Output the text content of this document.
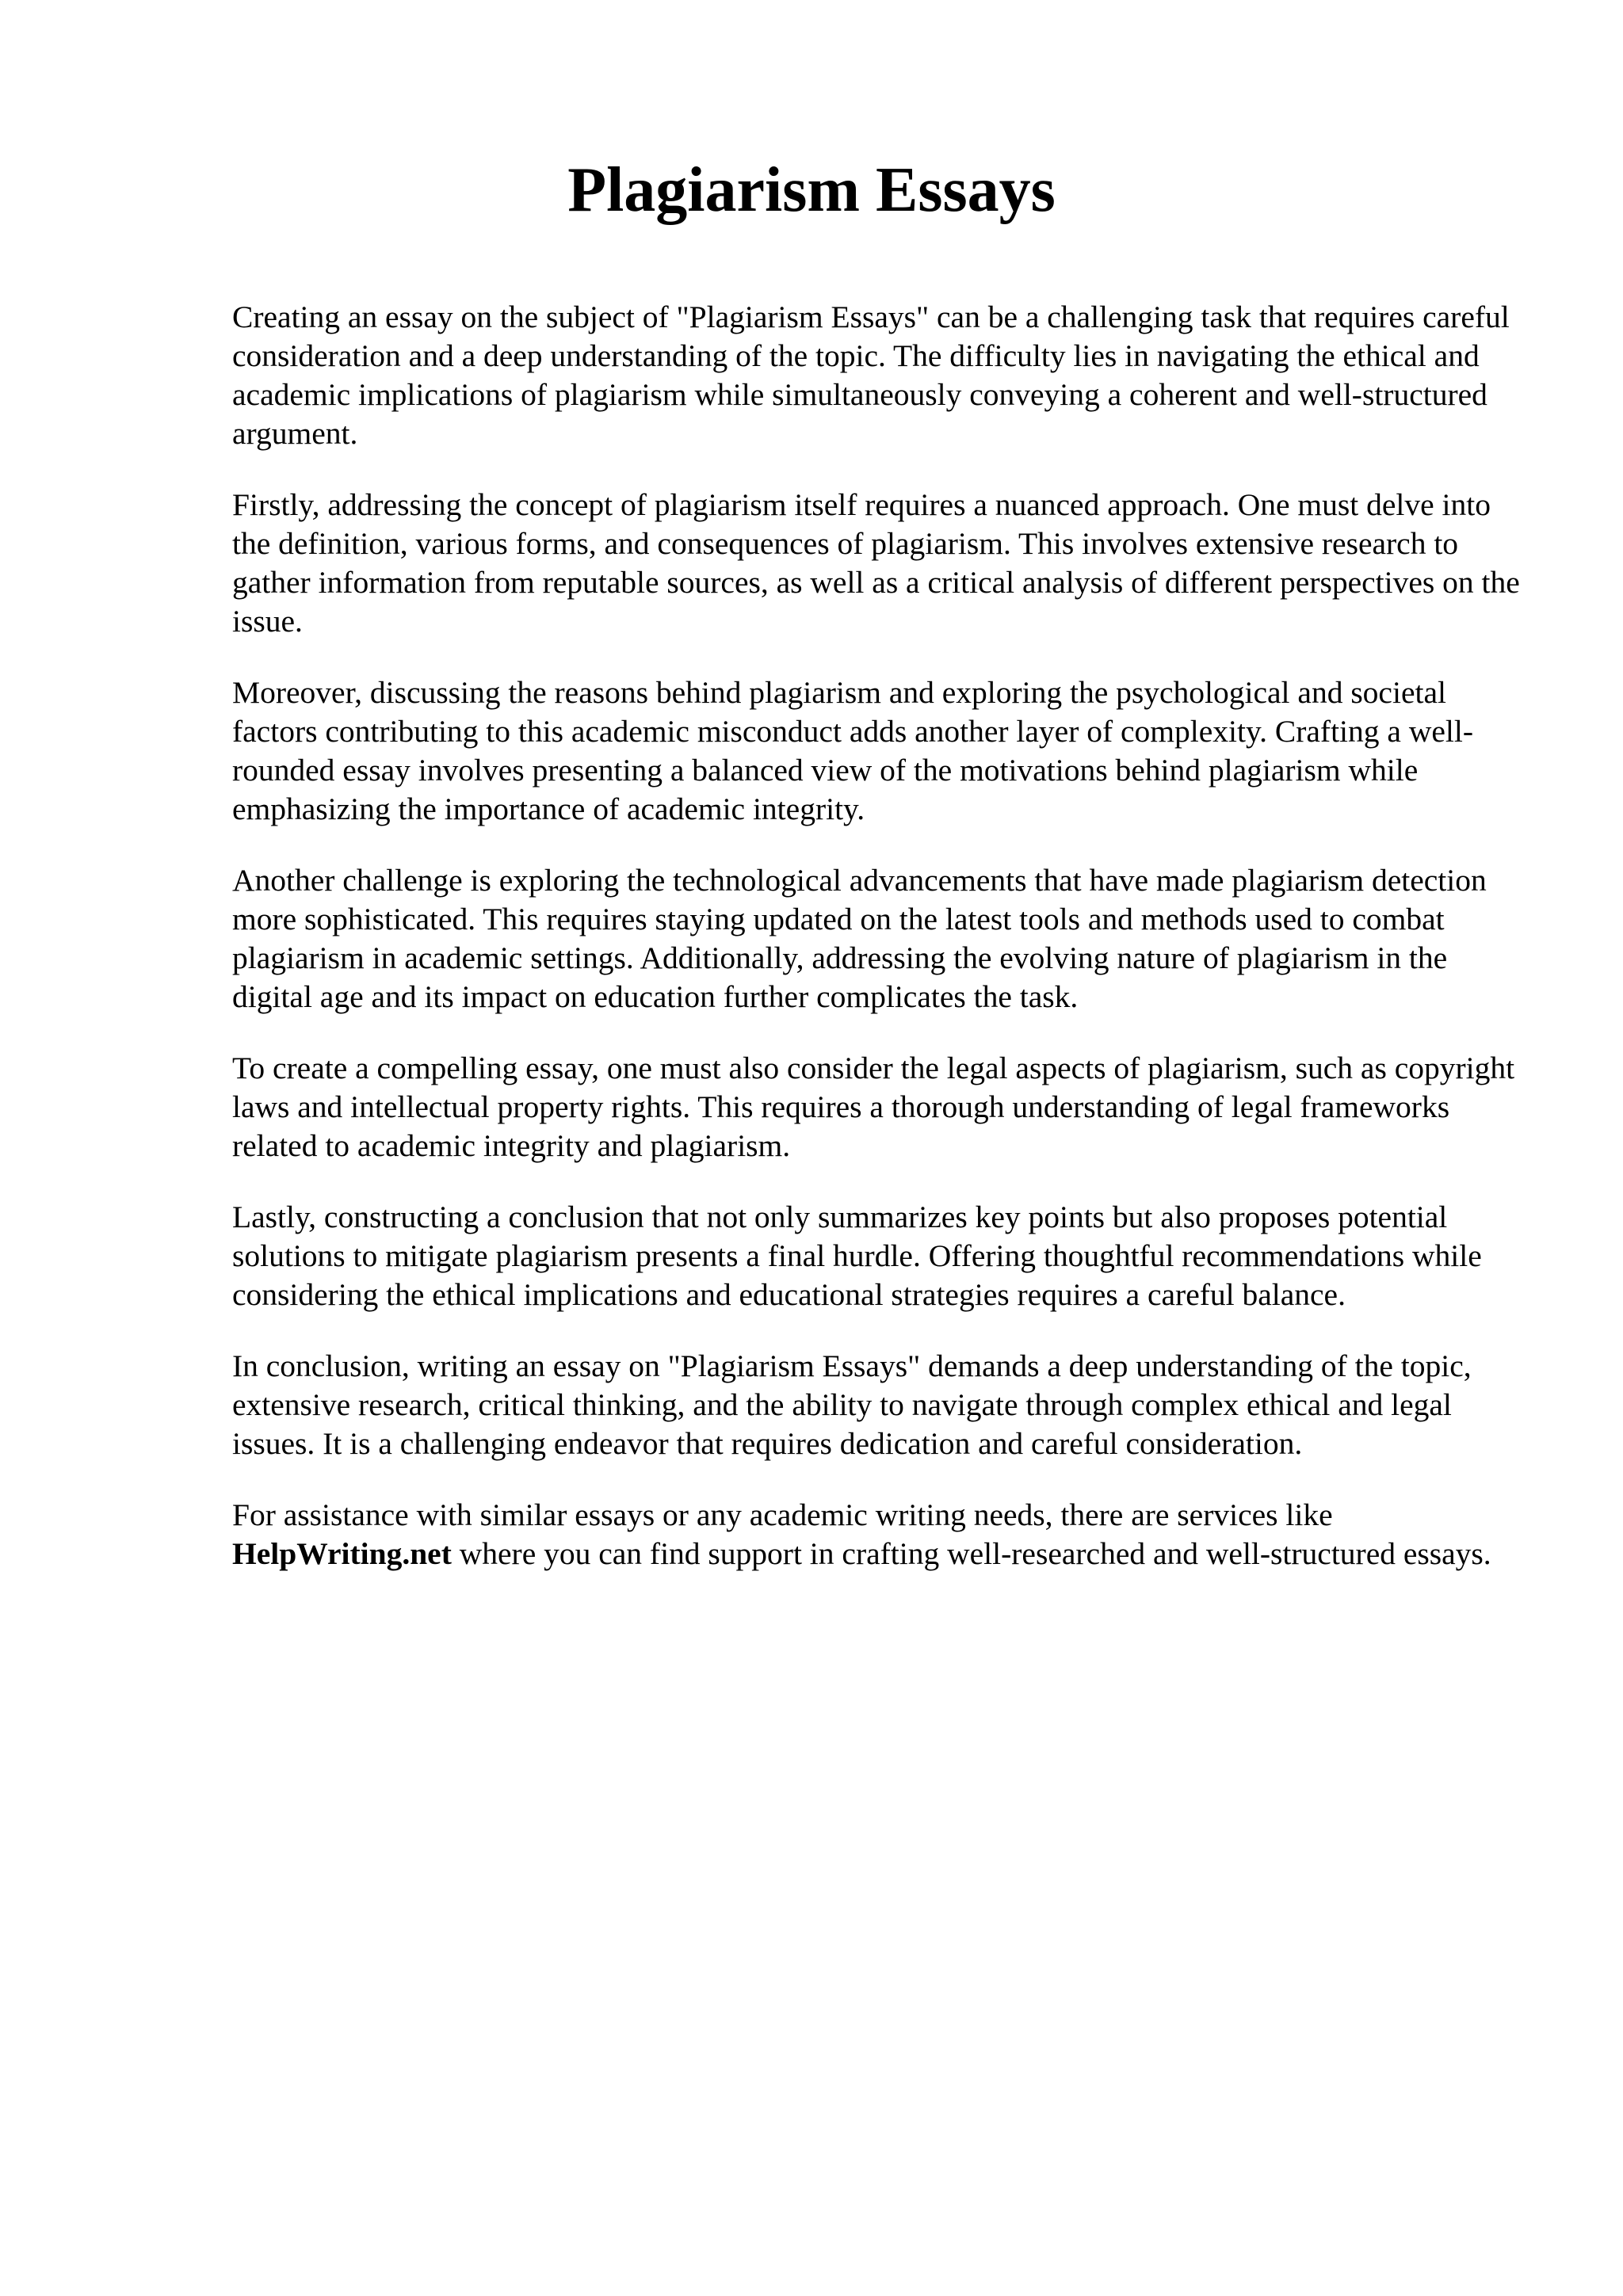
Plagiarism Essays

Creating an essay on the subject of "Plagiarism Essays" can be a challenging task that requires careful consideration and a deep understanding of the topic. The difficulty lies in navigating the ethical and academic implications of plagiarism while simultaneously conveying a coherent and well-structured argument.

Firstly, addressing the concept of plagiarism itself requires a nuanced approach. One must delve into the definition, various forms, and consequences of plagiarism. This involves extensive research to gather information from reputable sources, as well as a critical analysis of different perspectives on the issue.

Moreover, discussing the reasons behind plagiarism and exploring the psychological and societal factors contributing to this academic misconduct adds another layer of complexity. Crafting a well-rounded essay involves presenting a balanced view of the motivations behind plagiarism while emphasizing the importance of academic integrity.

Another challenge is exploring the technological advancements that have made plagiarism detection more sophisticated. This requires staying updated on the latest tools and methods used to combat plagiarism in academic settings. Additionally, addressing the evolving nature of plagiarism in the digital age and its impact on education further complicates the task.

To create a compelling essay, one must also consider the legal aspects of plagiarism, such as copyright laws and intellectual property rights. This requires a thorough understanding of legal frameworks related to academic integrity and plagiarism.

Lastly, constructing a conclusion that not only summarizes key points but also proposes potential solutions to mitigate plagiarism presents a final hurdle. Offering thoughtful recommendations while considering the ethical implications and educational strategies requires a careful balance.

In conclusion, writing an essay on "Plagiarism Essays" demands a deep understanding of the topic, extensive research, critical thinking, and the ability to navigate through complex ethical and legal issues. It is a challenging endeavor that requires dedication and careful consideration.

For assistance with similar essays or any academic writing needs, there are services like HelpWriting.net where you can find support in crafting well-researched and well-structured essays.
